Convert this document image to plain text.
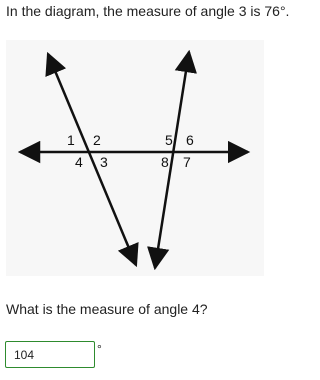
In the diagram, the measure of angle 3 is 76°.
1 2
4 3
5 6
8 7
What is the measure of angle 4?
104
°
